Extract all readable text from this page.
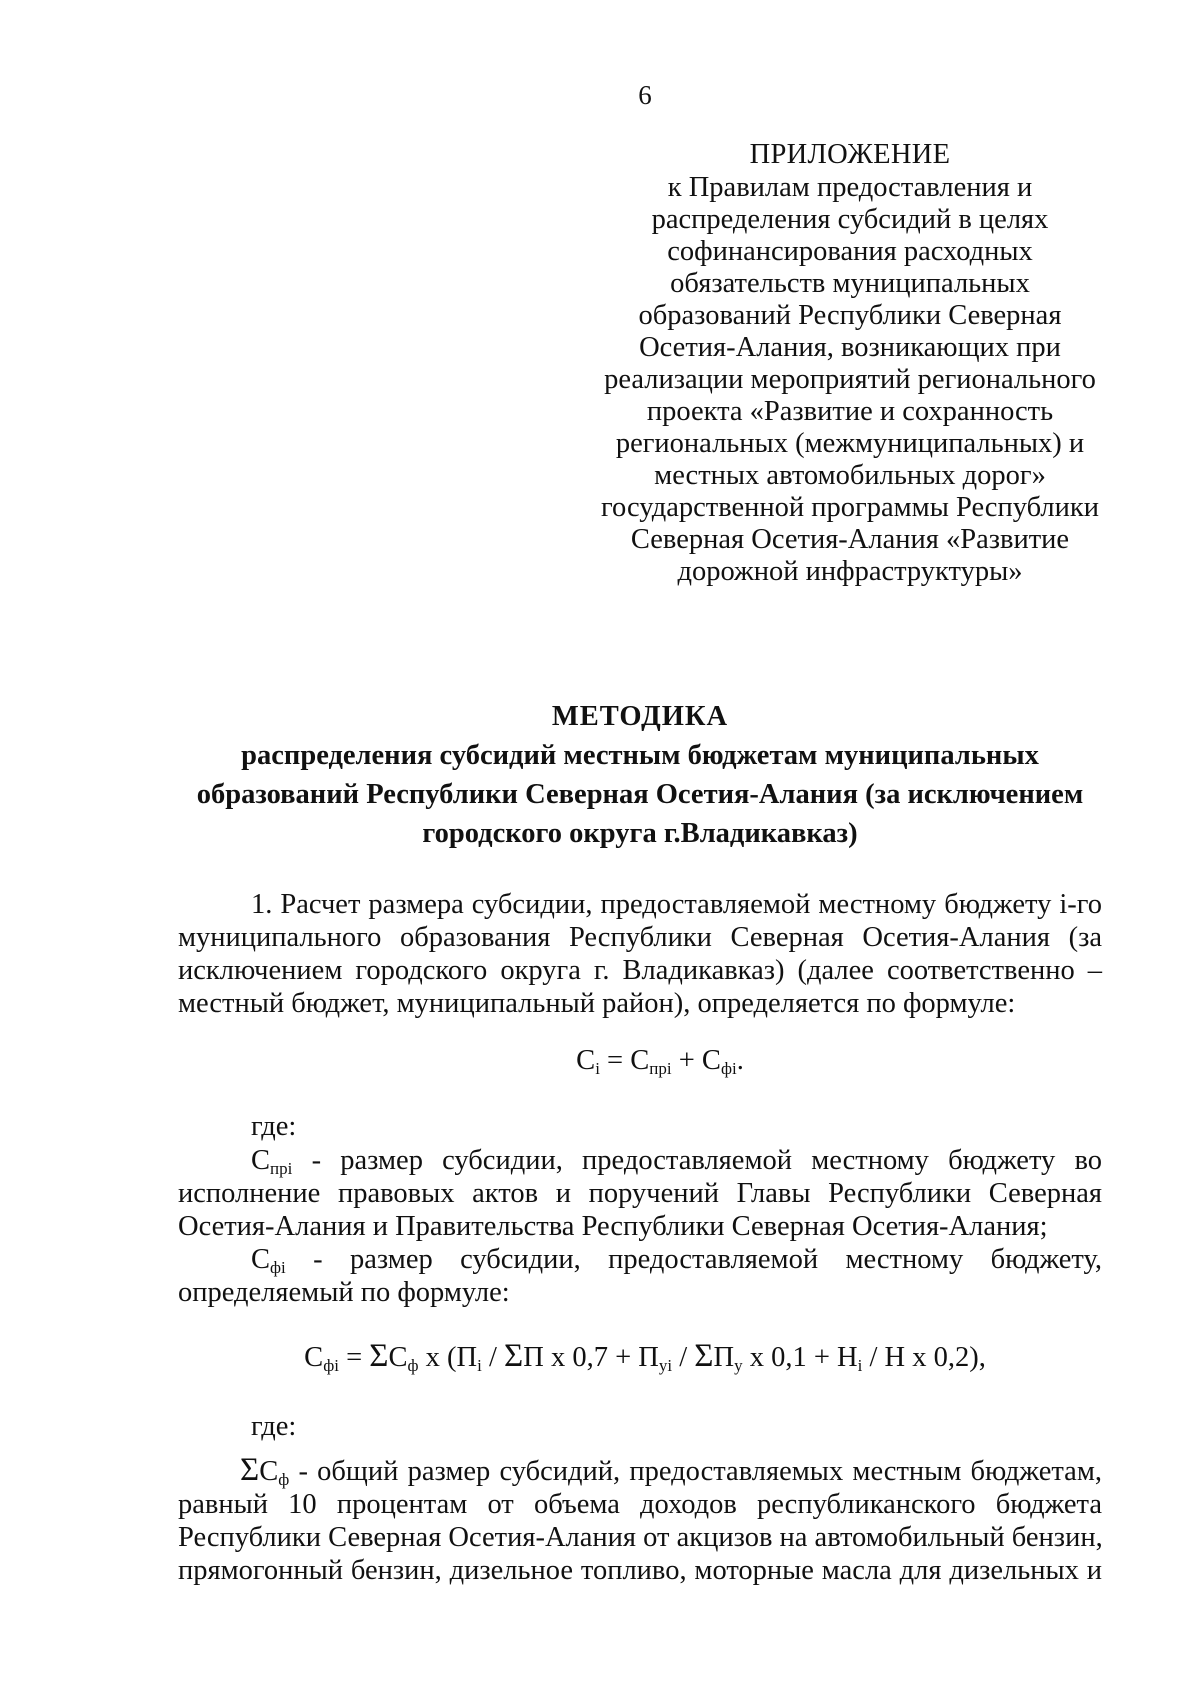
6
ПРИЛОЖЕНИЕ
к Правилам предоставления и
распределения субсидий в целях
софинансирования расходных
обязательств муниципальных
образований Республики Северная
Осетия-Алания, возникающих при
реализации мероприятий регионального
проекта «Развитие и сохранность
региональных (межмуниципальных) и
местных автомобильных дорог»
государственной программы Республики
Северная Осетия-Алания «Развитие
дорожной инфраструктуры»
МЕТОДИКА
распределения субсидий местным бюджетам муниципальных
образований Республики Северная Осетия-Алания (за исключением
городского округа г.Владикавказ)
1. Расчет размера субсидии, предоставляемой местному бюджету i-го
муниципального образования Республики Северная Осетия-Алания (за
исключением городского округа г. Владикавказ) (далее соответственно –
местный бюджет, муниципальный район), определяется по формуле:
$C_i = C_{прi} + C_{фi}$.
где:
$C_{прi}$ - размер субсидии, предоставляемой местному бюджету во
исполнение правовых актов и поручений Главы Республики Северная
Осетия-Алания и Правительства Республики Северная Осетия-Алания;
$C_{фi}$ - размер субсидии, предоставляемой местному бюджету,
определяемый по формуле:
$C_{фi} = \Sigma C_ф$ x ($П_i$ / ΣП x $0,7 + П_{yi} / \Sigma П_y$ x $0,1 + H_i / H$ x 0,2),
где:
$\Sigma C_ф$ - общий размер субсидий, предоставляемых местным бюджетам,
равный 10 процентам от объема доходов республиканского бюджета
Республики Северная Осетия-Алания от акцизов на автомобильный бензин,
прямогонный бензин, дизельное топливо, моторные масла для дизельных и
